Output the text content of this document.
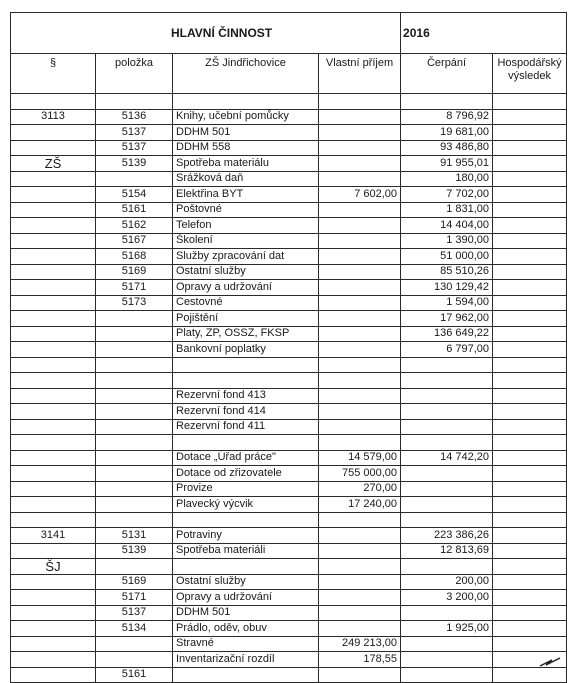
HLAVNÍ ČINNOST				2016	
§	položka	ZŠ Jindřichovice	Vlastní příjem	Čerpání	Hospodářský výsledek

3113	5136	Knihy, učební pomůcky		8 796,92	
	5137	DDHM 501		19 681,00	
	5137	DDHM 558		93 486,80	
ZŠ	5139	Spotřeba materiálu		91 955,01	
		Srážková daň		180,00	
	5154	Elektřina BYT	7 602,00	7 702,00	
	5161	Poštovné		1 831,00	
	5162	Telefon		14 404,00	
	5167	Školení		1 390,00	
	5168	Služby zpracování dat		51 000,00	
	5169	Ostatní služby		85 510,26	
	5171	Opravy a udržování		130 129,42	
	5173	Cestovné		1 594,00	
		Pojištění		17 962,00	
		Platy, ZP, OSSZ, FKSP		136 649,22	
		Bankovní poplatky		6 797,00	

		Rezervní fond 413			
		Rezervní fond 414			
		Rezervní fond 411			

		Dotace „Úřad práce"	14 579,00	14 742,20	
		Dotace od zřizovatele	755 000,00		
		Provize	270,00		
		Plavecký výcvik	17 240,00		

3141	5131	Potraviny		223 386,26	
	5139	Spotřeba materiáli		12 813,69	
ŠJ					
	5169	Ostatní služby		200,00	
	5171	Opravy a udržování		3 200,00	
	5137	DDHM 501			
	5134	Prádlo, oděv, obuv		1 925,00	
		Stravné	249 213,00		
		Inventarizační rozdíl	178,55		
	5161				
